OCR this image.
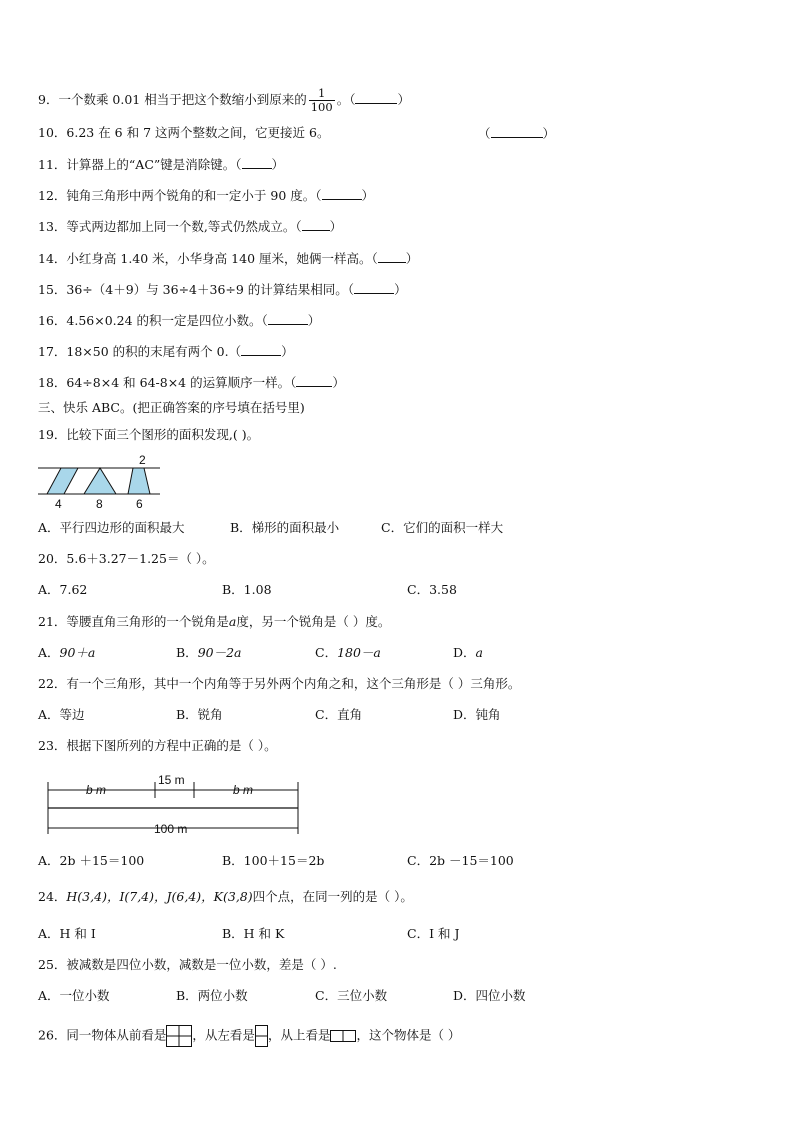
9．一个数乘 0.01 相当于把这个数缩小到原来的 $\frac{1}{100}$ 。（	）
10．6.23 在 6 和 7 这两个整数之间，它更接近 6。	（	）
11．计算器上的“AC”键是消除键。（ ）
12．钝角三角形中两个锐角的和一定小于 90 度。（	）
13．等式两边都加上同一个数,等式仍然成立。（ ）
14．小红身高 1.40 米，小华身高 140 厘米，她俩一样高。（ ）
15．36÷（4＋9）与 36÷4＋36÷9 的计算结果相同。（	）
16．4.56×0.24 的积一定是四位小数。（	）
17．18×50 的积的末尾有两个 0.（	）
18．64÷8×4 和 64-8×4 的运算顺序一样。（	）
三、快乐 ABC。(把正确答案的序号填在括号里)
19．比较下面三个图形的面积发现,( )。
4	8	6
2
A．平行四边形的面积最大	B．梯形的面积最小	C．它们的面积一样大
20．5.6＋3.27－1.25＝（ ）。
A．7.62	B．1.08	C．3.58
21．等腰直角三角形的一个锐角是a度，另一个锐角是（ ）度。
A．90＋a	B．90－2a	C．180－a	D．a
22．有一个三角形，其中一个内角等于另外两个内角之和，这个三角形是（ ）三角形。
A．等边	B．锐角	C．直角	D．钝角
23．根据下图所列的方程中正确的是（ ）。
b m
15 m
b m
100 m
A．2b ＋15＝100	B．100＋15＝2b	C．2b －15＝100
24．H(3,4)，I(7,4)，J(6,4)，K(3,8)四个点，在同一列的是（ ）。
A．H 和 I	B．H 和 K	C．I 和 J
25．被减数是四位小数，减数是一位小数，差是（ ）.
A．一位小数	B．两位小数	C．三位小数	D．四位小数
26．同一物体从前看是 ，从左看是 ，从上看是 ，这个物体是（ ）
